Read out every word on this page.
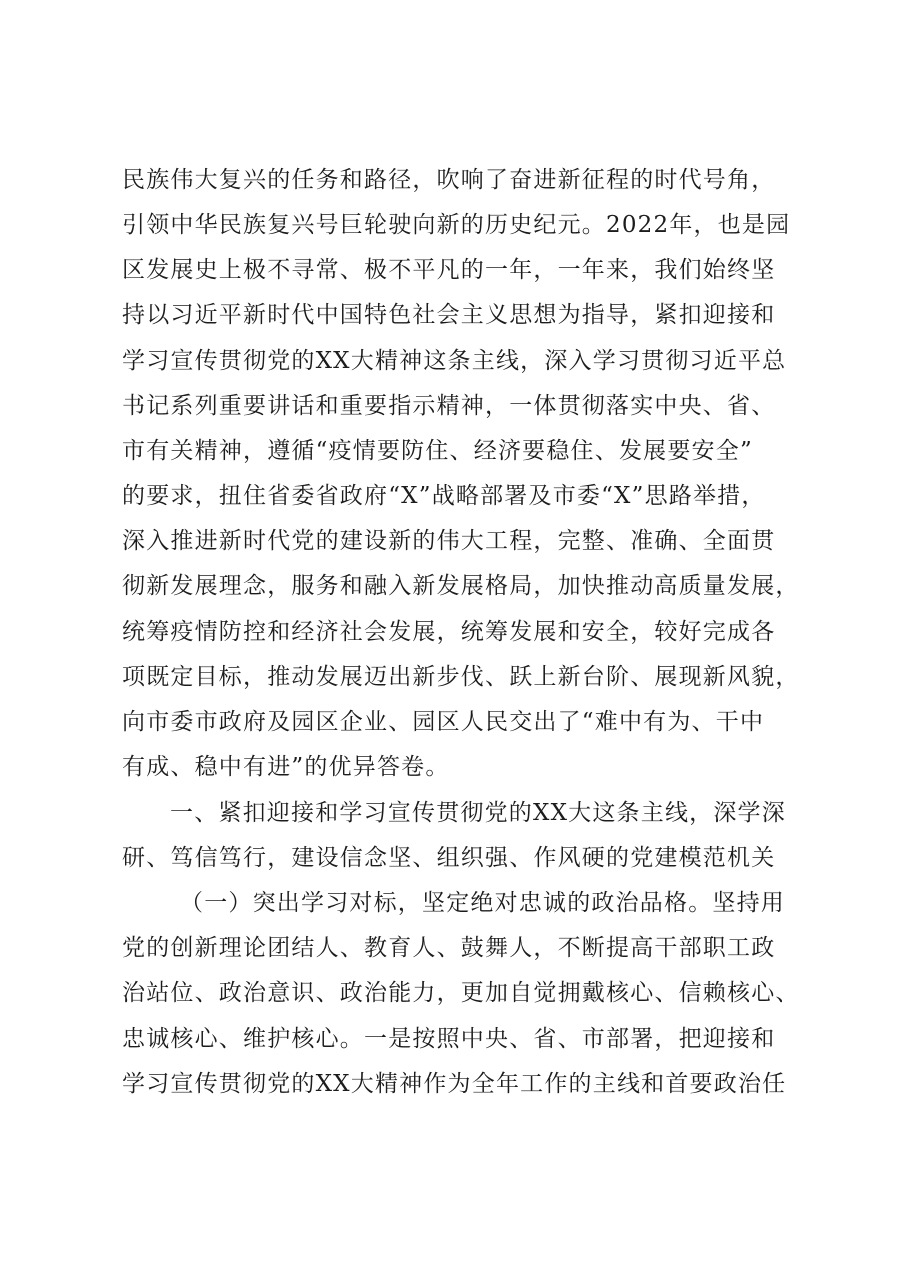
民族伟大复兴的任务和路径，吹响了奋进新征程的时代号角，
引领中华民族复兴号巨轮驶向新的历史纪元。2022年，也是园
区发展史上极不寻常、极不平凡的一年，一年来，我们始终坚
持以习近平新时代中国特色社会主义思想为指导，紧扣迎接和
学习宣传贯彻党的XX大精神这条主线，深入学习贯彻习近平总
书记系列重要讲话和重要指示精神，一体贯彻落实中央、省、
市有关精神，遵循“疫情要防住、经济要稳住、发展要安全”
的要求，扭住省委省政府“X”战略部署及市委“X”思路举措，
深入推进新时代党的建设新的伟大工程，完整、准确、全面贯
彻新发展理念，服务和融入新发展格局，加快推动高质量发展，
统筹疫情防控和经济社会发展，统筹发展和安全，较好完成各
项既定目标，推动发展迈出新步伐、跃上新台阶、展现新风貌，
向市委市政府及园区企业、园区人民交出了“难中有为、干中
有成、稳中有进”的优异答卷。
一、紧扣迎接和学习宣传贯彻党的XX大这条主线，深学深
研、笃信笃行，建设信念坚、组织强、作风硬的党建模范机关
（一）突出学习对标，坚定绝对忠诚的政治品格。坚持用
党的创新理论团结人、教育人、鼓舞人，不断提高干部职工政
治站位、政治意识、政治能力，更加自觉拥戴核心、信赖核心、
忠诚核心、维护核心。一是按照中央、省、市部署，把迎接和
学习宣传贯彻党的XX大精神作为全年工作的主线和首要政治任
